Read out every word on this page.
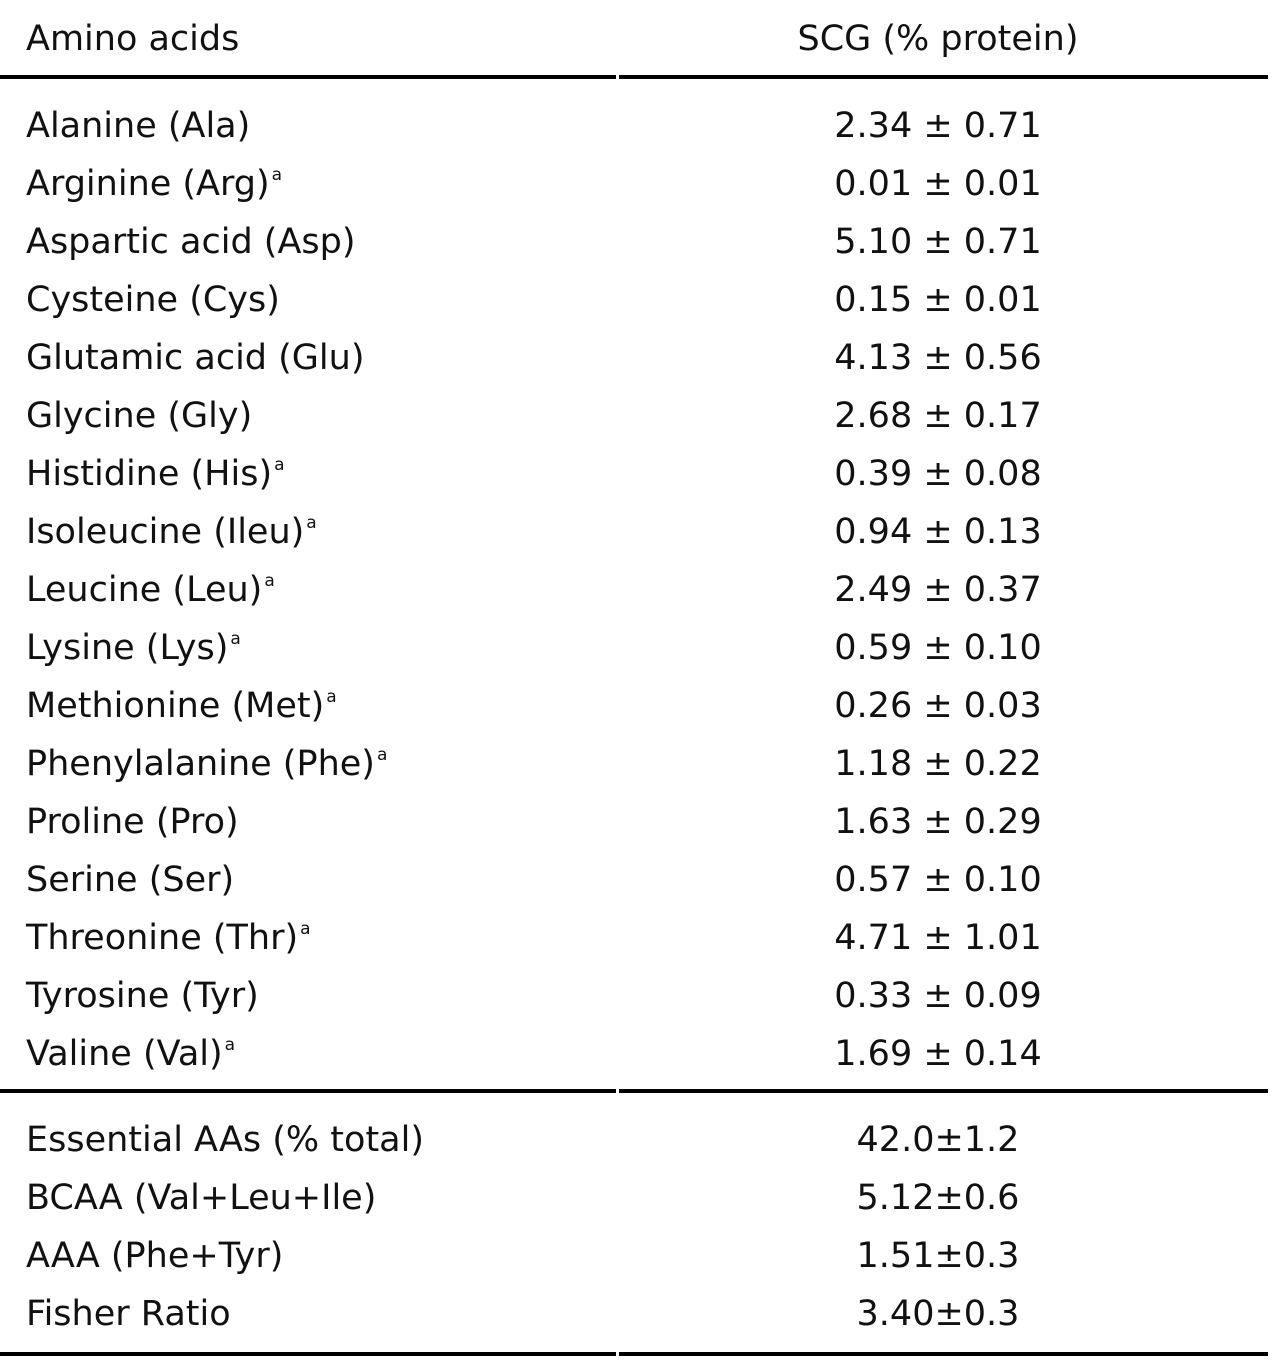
Amino acids	SCG (% protein)
Alanine (Ala)	2.34 ± 0.71
Arginine (Arg) $^a$	0.01 ± 0.01
Aspartic acid (Asp)	5.10 ± 0.71
Cysteine (Cys)	0.15 ± 0.01
Glutamic acid (Glu)	4.13 ± 0.56
Glycine (Gly)	2.68 ± 0.17
Histidine (His) $^a$	0.39 ± 0.08
Isoleucine (Ileu) $^a$	0.94 ± 0.13
Leucine (Leu) $^a$	2.49 ± 0.37
Lysine (Lys) $^a$	0.59 ± 0.10
Methionine (Met) $^a$	0.26 ± 0.03
Phenylalanine (Phe) $^a$	1.18 ± 0.22
Proline (Pro)	1.63 ± 0.29
Serine (Ser)	0.57 ± 0.10
Threonine (Thr) $^a$	4.71 ± 1.01
Tyrosine (Tyr)	0.33 ± 0.09
Valine (Val) $^a$	1.69 ± 0.14
Essential AAs (% total)	42.0±1.2
BCAA (Val+Leu+Ile)	5.12±0.6
AAA (Phe+Tyr)	1.51±0.3
Fisher Ratio	3.40±0.3
